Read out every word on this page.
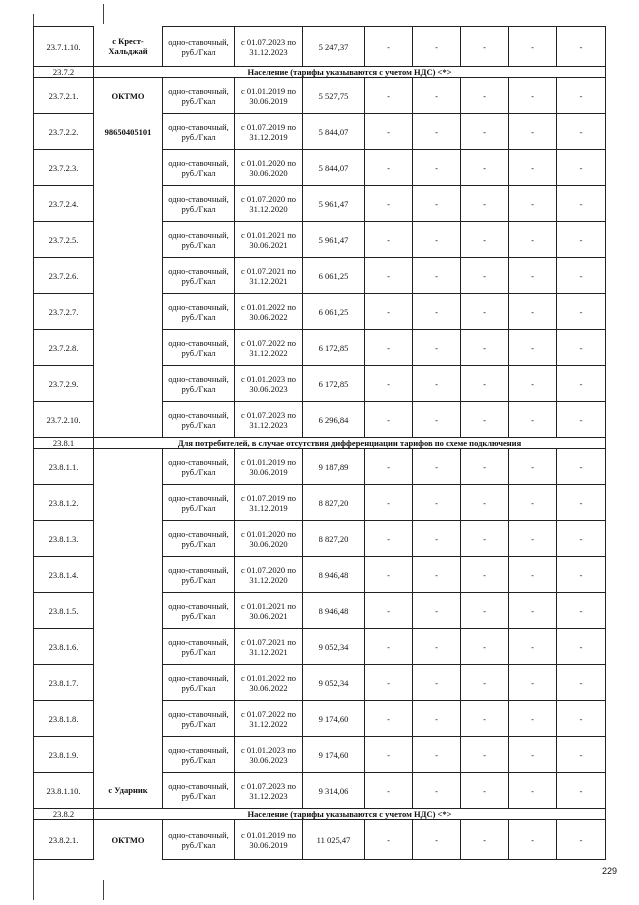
23.7.1.10.	с Крест-Хальджай	одно-ставочный, руб./Гкал	с 01.07.2023 по 31.12.2023	5 247,37	-	-	-	-	-
23.7.2	Население (тарифы указываются с учетом НДС) <*>								
23.7.2.1.	ОКТМО	одно-ставочный, руб./Гкал	с 01.01.2019 по 30.06.2019	5 527,75	-	-	-	-	-
23.7.2.2.	98650405101	одно-ставочный, руб./Гкал	с 01.07.2019 по 31.12.2019	5 844,07	-	-	-	-	-
23.7.2.3.		одно-ставочный, руб./Гкал	с 01.01.2020 по 30.06.2020	5 844,07	-	-	-	-	-
23.7.2.4.		одно-ставочный, руб./Гкал	с 01.07.2020 по 31.12.2020	5 961,47	-	-	-	-	-
23.7.2.5.		одно-ставочный, руб./Гкал	с 01.01.2021 по 30.06.2021	5 961,47	-	-	-	-	-
23.7.2.6.		одно-ставочный, руб./Гкал	с 01.07.2021 по 31.12.2021	6 061,25	-	-	-	-	-
23.7.2.7.		одно-ставочный, руб./Гкал	с 01.01.2022 по 30.06.2022	6 061,25	-	-	-	-	-
23.7.2.8.		одно-ставочный, руб./Гкал	с 01.07.2022 по 31.12.2022	6 172,85	-	-	-	-	-
23.7.2.9.		одно-ставочный, руб./Гкал	с 01.01.2023 по 30.06.2023	6 172,85	-	-	-	-	-
23.7.2.10.		одно-ставочный, руб./Гкал	с 01.07.2023 по 31.12.2023	6 296,84	-	-	-	-	-
23.8.1	Для потребителей, в случае отсутствия дифференциации тарифов по схеме подключения								
23.8.1.1.		одно-ставочный, руб./Гкал	с 01.01.2019 по 30.06.2019	9 187,89	-	-	-	-	-
23.8.1.2.		одно-ставочный, руб./Гкал	с 01.07.2019 по 31.12.2019	8 827,20	-	-	-	-	-
23.8.1.3.		одно-ставочный, руб./Гкал	с 01.01.2020 по 30.06.2020	8 827,20	-	-	-	-	-
23.8.1.4.		одно-ставочный, руб./Гкал	с 01.07.2020 по 31.12.2020	8 946,48	-	-	-	-	-
23.8.1.5.		одно-ставочный, руб./Гкал	с 01.01.2021 по 30.06.2021	8 946,48	-	-	-	-	-
23.8.1.6.		одно-ставочный, руб./Гкал	с 01.07.2021 по 31.12.2021	9 052,34	-	-	-	-	-
23.8.1.7.		одно-ставочный, руб./Гкал	с 01.01.2022 по 30.06.2022	9 052,34	-	-	-	-	-
23.8.1.8.		одно-ставочный, руб./Гкал	с 01.07.2022 по 31.12.2022	9 174,60	-	-	-	-	-
23.8.1.9.		одно-ставочный, руб./Гкал	с 01.01.2023 по 30.06.2023	9 174,60	-	-	-	-	-
23.8.1.10.	с Ударник	одно-ставочный, руб./Гкал	с 01.07.2023 по 31.12.2023	9 314,06	-	-	-	-	-
23.8.2	Население (тарифы указываются с учетом НДС) <*>								
23.8.2.1.	ОКТМО	одно-ставочный, руб./Гкал	с 01.01.2019 по 30.06.2019	11 025,47	-	-	-	-	-
229
